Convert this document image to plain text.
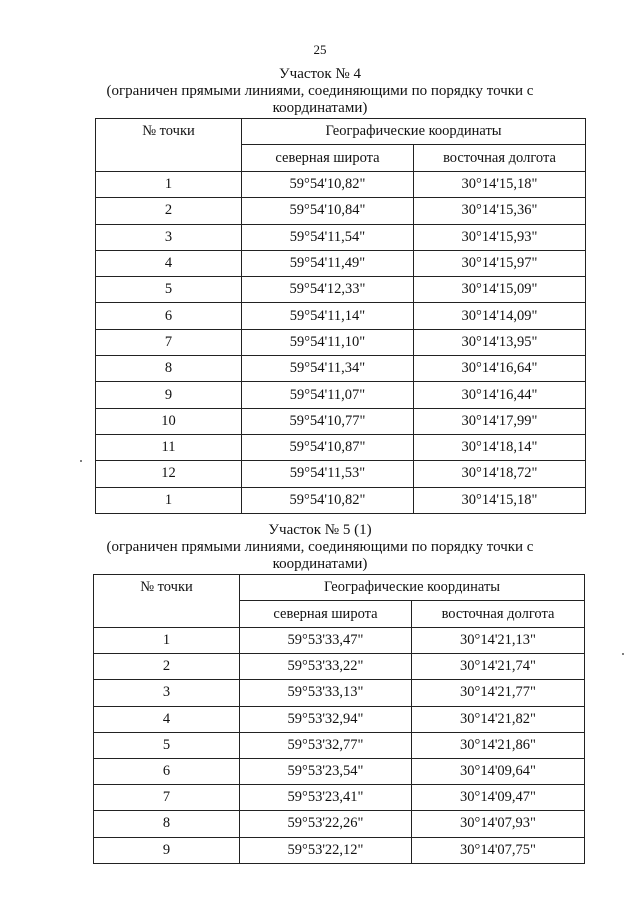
25
Участок № 4
(ограничен прямыми линиями, соединяющими по порядку точки с координатами)
№ точки	Географические координаты	
	северная широта	восточная долгота
1	59°54'10,82"	30°14'15,18"
2	59°54'10,84"	30°14'15,36"
3	59°54'11,54"	30°14'15,93"
4	59°54'11,49"	30°14'15,97"
5	59°54'12,33"	30°14'15,09"
6	59°54'11,14"	30°14'14,09"
7	59°54'11,10"	30°14'13,95"
8	59°54'11,34"	30°14'16,64"
9	59°54'11,07"	30°14'16,44"
10	59°54'10,77"	30°14'17,99"
11	59°54'10,87"	30°14'18,14"
12	59°54'11,53"	30°14'18,72"
1	59°54'10,82"	30°14'15,18"
Участок № 5 (1)
(ограничен прямыми линиями, соединяющими по порядку точки с координатами)
№ точки	Географические координаты	
	северная широта	восточная долгота
1	59°53'33,47"	30°14'21,13"
2	59°53'33,22"	30°14'21,74"
3	59°53'33,13"	30°14'21,77"
4	59°53'32,94"	30°14'21,82"
5	59°53'32,77"	30°14'21,86"
6	59°53'23,54"	30°14'09,64"
7	59°53'23,41"	30°14'09,47"
8	59°53'22,26"	30°14'07,93"
9	59°53'22,12"	30°14'07,75"
